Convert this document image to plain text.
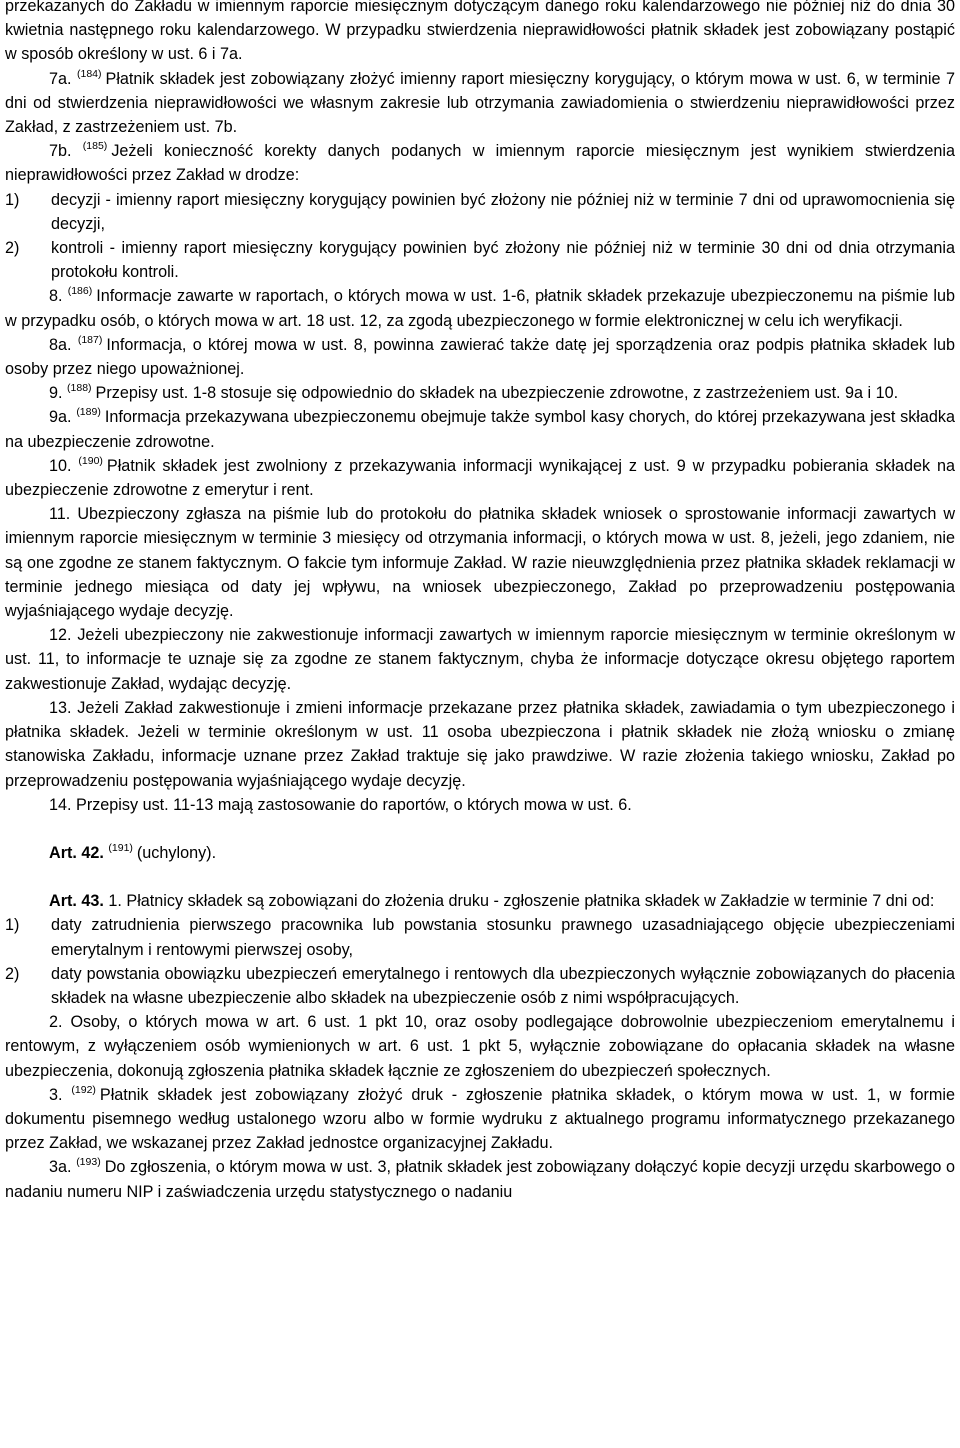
przekazanych do Zakładu w imiennym raporcie miesięcznym dotyczącym danego roku kalendarzowego nie później niż do dnia 30 kwietnia następnego roku kalendarzowego. W przypadku stwierdzenia nieprawidłowości płatnik składek jest zobowiązany postąpić w sposób określony w ust. 6 i 7a.

7a. $^{(184)}$ Płatnik składek jest zobowiązany złożyć imienny raport miesięczny korygujący, o którym mowa w ust. 6, w terminie 7 dni od stwierdzenia nieprawidłowości we własnym zakresie lub otrzymania zawiadomienia o stwierdzeniu nieprawidłowości przez Zakład, z zastrzeżeniem ust. 7b.

7b. $^{(185)}$ Jeżeli konieczność korekty danych podanych w imiennym raporcie miesięcznym jest wynikiem stwierdzenia nieprawidłowości przez Zakład w drodze:

1)	decyzji - imienny raport miesięczny korygujący powinien być złożony nie później niż w terminie 7 dni od uprawomocnienia się decyzji,
2)	kontroli - imienny raport miesięczny korygujący powinien być złożony nie później niż w terminie 30 dni od dnia otrzymania protokołu kontroli.

8. $^{(186)}$ Informacje zawarte w raportach, o których mowa w ust. 1-6, płatnik składek przekazuje ubezpieczonemu na piśmie lub w przypadku osób, o których mowa w art. 18 ust. 12, za zgodą ubezpieczonego w formie elektronicznej w celu ich weryfikacji.

8a. $^{(187)}$ Informacja, o której mowa w ust. 8, powinna zawierać także datę jej sporządzenia oraz podpis płatnika składek lub osoby przez niego upoważnionej.

9. $^{(188)}$ Przepisy ust. 1-8 stosuje się odpowiednio do składek na ubezpieczenie zdrowotne, z zastrzeżeniem ust. 9a i 10.

9a. $^{(189)}$ Informacja przekazywana ubezpieczonemu obejmuje także symbol kasy chorych, do której przekazywana jest składka na ubezpieczenie zdrowotne.

10. $^{(190)}$ Płatnik składek jest zwolniony z przekazywania informacji wynikającej z ust. 9 w przypadku pobierania składek na ubezpieczenie zdrowotne z emerytur i rent.

11. Ubezpieczony zgłasza na piśmie lub do protokołu do płatnika składek wniosek o sprostowanie informacji zawartych w imiennym raporcie miesięcznym w terminie 3 miesięcy od otrzymania informacji, o których mowa w ust. 8, jeżeli, jego zdaniem, nie są one zgodne ze stanem faktycznym. O fakcie tym informuje Zakład. W razie nieuwzględnienia przez płatnika składek reklamacji w terminie jednego miesiąca od daty jej wpływu, na wniosek ubezpieczonego, Zakład po przeprowadzeniu postępowania wyjaśniającego wydaje decyzję.

12. Jeżeli ubezpieczony nie zakwestionuje informacji zawartych w imiennym raporcie miesięcznym w terminie określonym w ust. 11, to informacje te uznaje się za zgodne ze stanem faktycznym, chyba że informacje dotyczące okresu objętego raportem zakwestionuje Zakład, wydając decyzję.

13. Jeżeli Zakład zakwestionuje i zmieni informacje przekazane przez płatnika składek, zawiadamia o tym ubezpieczonego i płatnika składek. Jeżeli w terminie określonym w ust. 11 osoba ubezpieczona i płatnik składek nie złożą wniosku o zmianę stanowiska Zakładu, informacje uznane przez Zakład traktuje się jako prawdziwe. W razie złożenia takiego wniosku, Zakład po przeprowadzeniu postępowania wyjaśniającego wydaje decyzję.

14. Przepisy ust. 11-13 mają zastosowanie do raportów, o których mowa w ust. 6.

Art. 42. $^{(191)}$ (uchylony).

Art. 43. 1. Płatnicy składek są zobowiązani do złożenia druku - zgłoszenie płatnika składek w Zakładzie w terminie 7 dni od:

1)	daty zatrudnienia pierwszego pracownika lub powstania stosunku prawnego uzasadniającego objęcie ubezpieczeniami emerytalnym i rentowymi pierwszej osoby,
2)	daty powstania obowiązku ubezpieczeń emerytalnego i rentowych dla ubezpieczonych wyłącznie zobowiązanych do płacenia składek na własne ubezpieczenie albo składek na ubezpieczenie osób z nimi współpracujących.

2. Osoby, o których mowa w art. 6 ust. 1 pkt 10, oraz osoby podlegające dobrowolnie ubezpieczeniom emerytalnemu i rentowym, z wyłączeniem osób wymienionych w art. 6 ust. 1 pkt 5, wyłącznie zobowiązane do opłacania składek na własne ubezpieczenia, dokonują zgłoszenia płatnika składek łącznie ze zgłoszeniem do ubezpieczeń społecznych.

3. $^{(192)}$ Płatnik składek jest zobowiązany złożyć druk - zgłoszenie płatnika składek, o którym mowa w ust. 1, w formie dokumentu pisemnego według ustalonego wzoru albo w formie wydruku z aktualnego programu informatycznego przekazanego przez Zakład, we wskazanej przez Zakład jednostce organizacyjnej Zakładu.

3a. $^{(193)}$ Do zgłoszenia, o którym mowa w ust. 3, płatnik składek jest zobowiązany dołączyć kopie decyzji urzędu skarbowego o nadaniu numeru NIP i zaświadczenia urzędu statystycznego o nadaniu
